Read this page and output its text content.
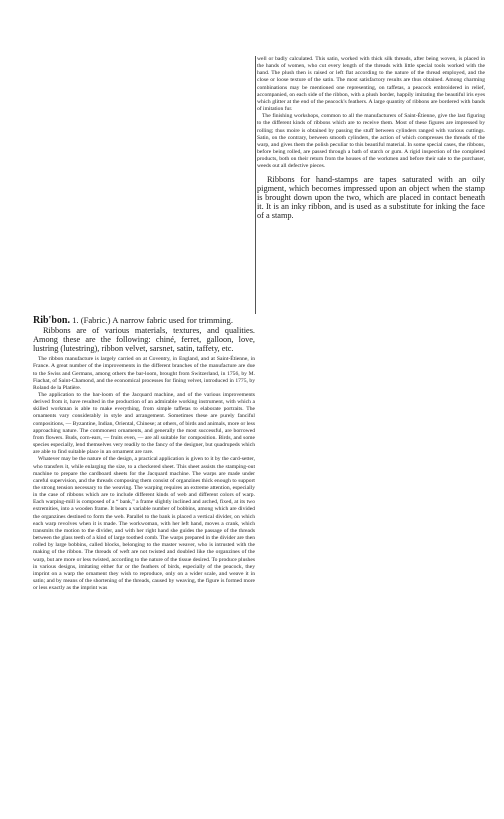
well or badly calculated. This satin, worked with thick silk threads, after being woven, is placed in the hands of women, who cut every length of the threads with little special tools worked with the hand. The plush then is raised or left flat according to the nature of the thread employed, and the close or loose texture of the satin. The most satisfactory results are thus obtained. Among charming combinations may be mentioned one representing, on taffetas, a peacock embroidered in relief, accompanied, on each side of the ribbon, with a plush border, happily imitating the beautiful iris eyes which glitter at the end of the peacock's feathers. A large quantity of ribbons are bordered with bands of imitation fur.

The finishing workshops, common to all the manufacturers of Saint-Étienne, give the last figuring to the different kinds of ribbons which are to receive them. Most of these figures are impressed by rolling; thus moire is obtained by passing the stuff between cylinders ranged with various cuttings. Satin, on the contrary, between smooth cylinders, the action of which compresses the threads of the warp, and gives them the polish peculiar to this beautiful material. In some special cases, the ribbons, before being rolled, are passed through a bath of starch or gum. A rigid inspection of the completed products, both on their return from the houses of the workmen and before their sale to the purchaser, weeds out all defective pieces.

Ribbons for hand-stamps are tapes saturated with an oily pigment, which becomes impressed upon an object when the stamp is brought down upon the two, which are placed in contact beneath it. It is an inky ribbon, and is used as a substitute for inking the face of a stamp.

Rib'bon. 1. (Fabric.) A narrow fabric used for trimming.

Ribbons are of various materials, textures, and qualities. Among these are the following: chiné, ferret, galloon, love, lustring (lutestring), ribbon velvet, sarsnet, satin, taffety, etc.

The ribbon manufacture is largely carried on at Coventry, in England, and at Saint-Étienne, in France. A great number of the improvements in the different branches of the manufacture are due to the Swiss and Germans, among others the bar-loom, brought from Switzerland, in 1756, by M. Fiachat, of Saint-Chamond, and the economical processes for fining velvet, introduced in 1775, by Roland de la Platière.

The application to the bar-loom of the Jacquard machine, and of the various improvements derived from it, have resulted in the production of an admirable working instrument, with which a skilled workman is able to make everything, from simple taffetas to elaborate portraits. The ornaments vary considerably in style and arrangement. Sometimes these are purely fanciful compositions, — Byzantine, Indian, Oriental, Chinese; at others, of birds and animals, more or less approaching nature. The commonest ornaments, and generally the most successful, are borrowed from flowers. Buds, corn-ears, — fruits even, — are all suitable for composition. Birds, and some species especially, lend themselves very readily to the fancy of the designer, but quadrupeds which are able to find suitable place in an ornament are rare.

Whatever may be the nature of the design, a practical application is given to it by the card-setter, who transfers it, while enlarging the size, to a checkered sheet. This sheet assists the stamping-out machine to prepare the cardboard sheets for the Jacquard machine. The warps are made under careful supervision, and the threads composing them consist of organzines thick enough to support the strong tension necessary to the weaving. The warping requires an extreme attention, especially in the case of ribbons which are to include different kinds of web and different colors of warp. Each warping-mill is composed of a “ bank,” a frame slightly inclined and arched, fixed, at its two extremities, into a wooden frame. It bears a variable number of bobbins, among which are divided the organzines destined to form the web. Parallel to the bank is placed a vertical divider, on which each warp revolves when it is made. The workwoman, with her left hand, moves a crank, which transmits the motion to the divider, and with her right hand she guides the passage of the threads between the glass teeth of a kind of large toothed comb. The warps prepared in the divider are then rolled by large bobbins, called blocks, belonging to the master weaver, who is intrusted with the making of the ribbon. The threads of weft are not twisted and doubled like the organzines of the warp, but are more or less twisted, according to the nature of the tissue desired. To produce plushes in various designs, imitating either fur or the feathers of birds, especially of the peacock, they imprint on a warp the ornament they wish to reproduce, only on a wider scale, and weave it in satin; and by means of the shortening of the threads, caused by weaving, the figure is formed more or less exactly as the imprint was
